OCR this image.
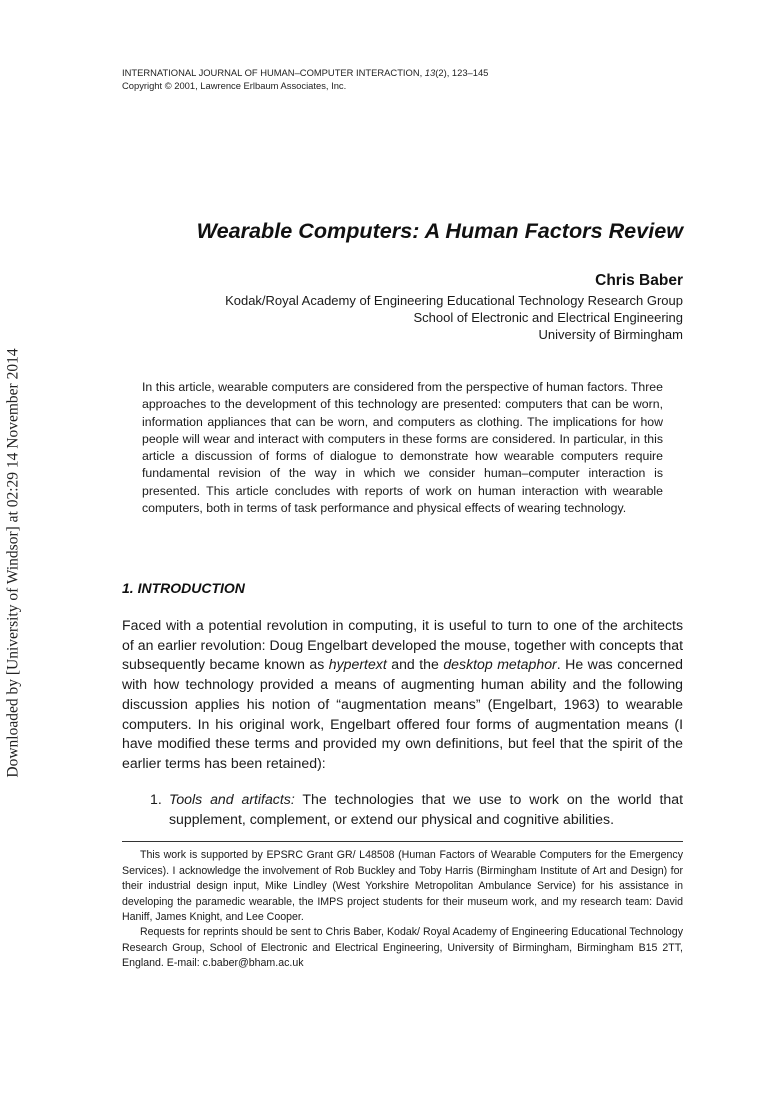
Downloaded by [University of Windsor] at 02:29 14 November 2014
INTERNATIONAL JOURNAL OF HUMAN–COMPUTER INTERACTION, 13(2), 123–145
Copyright © 2001, Lawrence Erlbaum Associates, Inc.
Wearable Computers: A Human Factors Review
Chris Baber
Kodak/Royal Academy of Engineering Educational Technology Research Group
School of Electronic and Electrical Engineering
University of Birmingham

In this article, wearable computers are considered from the perspective of human factors. Three approaches to the development of this technology are presented: computers that can be worn, information appliances that can be worn, and computers as clothing. The implications for how people will wear and interact with computers in these forms are considered. In particular, in this article a discussion of forms of dialogue to demonstrate how wearable computers require fundamental revision of the way in which we consider human–computer interaction is presented. This article concludes with reports of work on human interaction with wearable computers, both in terms of task performance and physical effects of wearing technology.

1. INTRODUCTION

Faced with a potential revolution in computing, it is useful to turn to one of the architects of an earlier revolution: Doug Engelbart developed the mouse, together with concepts that subsequently became known as hypertext and the desktop metaphor. He was concerned with how technology provided a means of augmenting human ability and the following discussion applies his notion of “augmentation means” (Engelbart, 1963) to wearable computers. In his original work, Engelbart offered four forms of augmentation means (I have modified these terms and provided my own definitions, but feel that the spirit of the earlier terms has been retained):

1. Tools and artifacts: The technologies that we use to work on the world that supplement, complement, or extend our physical and cognitive abilities.

This work is supported by EPSRC Grant GR/ L48508 (Human Factors of Wearable Computers for the Emergency Services). I acknowledge the involvement of Rob Buckley and Toby Harris (Birmingham Institute of Art and Design) for their industrial design input, Mike Lindley (West Yorkshire Metropolitan Ambulance Service) for his assistance in developing the paramedic wearable, the IMPS project students for their museum work, and my research team: David Haniff, James Knight, and Lee Cooper.

Requests for reprints should be sent to Chris Baber, Kodak/ Royal Academy of Engineering Educational Technology Research Group, School of Electronic and Electrical Engineering, University of Birmingham, Birmingham B15 2TT, England. E-mail: c.baber@bham.ac.uk
